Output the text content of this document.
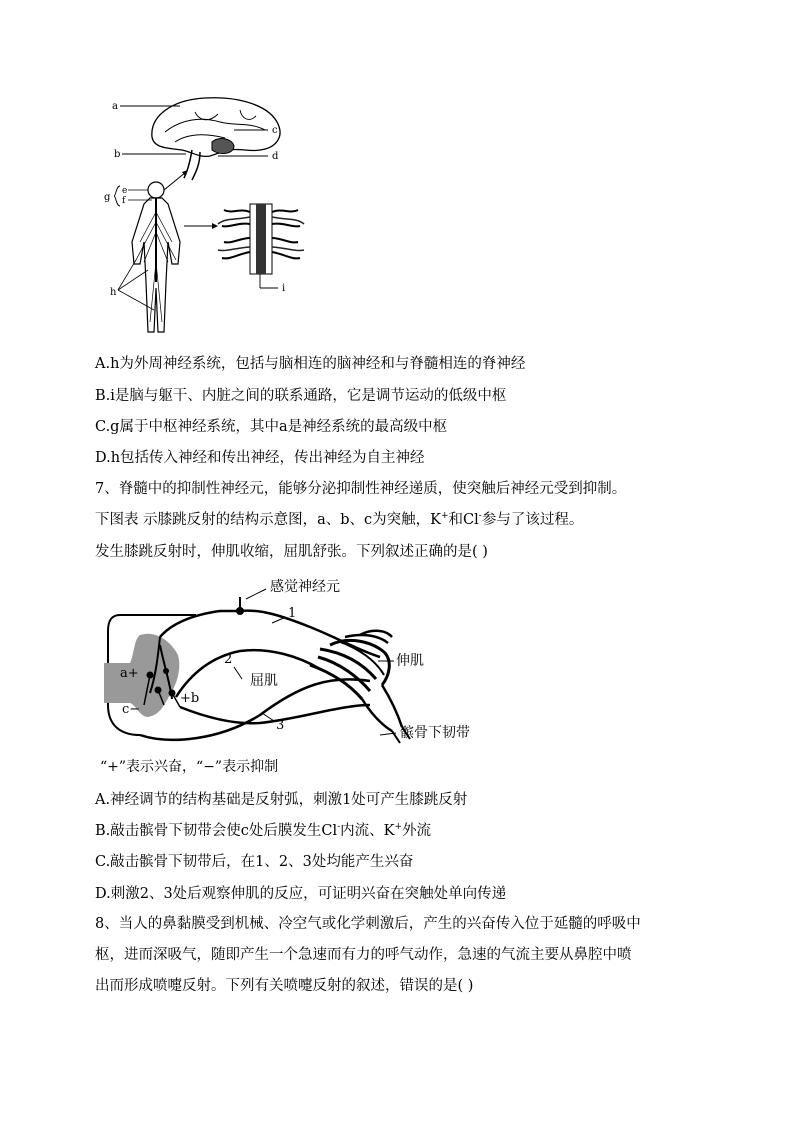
a
c
b	d
g
e
f
h	i
A.h为外周神经系统，包括与脑相连的脑神经和与脊髓相连的脊神经
B.i是脑与躯干、内脏之间的联系通路，它是调节运动的低级中枢
C.g属于中枢神经系统，其中a是神经系统的最高级中枢
D.h包括传入神经和传出神经，传出神经为自主神经
7、脊髓中的抑制性神经元，能够分泌抑制性神经递质，使突触后神经元受到抑制。
下图表 示膝跳反射的结构示意图，a、b、c为突触，K+和Cl-参与了该过程。
发生膝跳反射时，伸肌收缩，屈肌舒张。下列叙述正确的是( )
感觉神经元
1
a+
+b
c−
2
屈肌
3
伸肌
髌骨下韧带
“+”表示兴奋，“−”表示抑制
A.神经调节的结构基础是反射弧，刺激1处可产生膝跳反射
B.敲击髌骨下韧带会使c处后膜发生Cl-内流、K+外流
C.敲击髌骨下韧带后，在1、2、3处均能产生兴奋
D.刺激2、3处后观察伸肌的反应，可证明兴奋在突触处单向传递
8、当人的鼻黏膜受到机械、冷空气或化学刺激后，产生的兴奋传入位于延髓的呼吸中
枢，进而深吸气，随即产生一个急速而有力的呼气动作，急速的气流主要从鼻腔中喷
出而形成喷嚏反射。下列有关喷嚏反射的叙述，错误的是( )
